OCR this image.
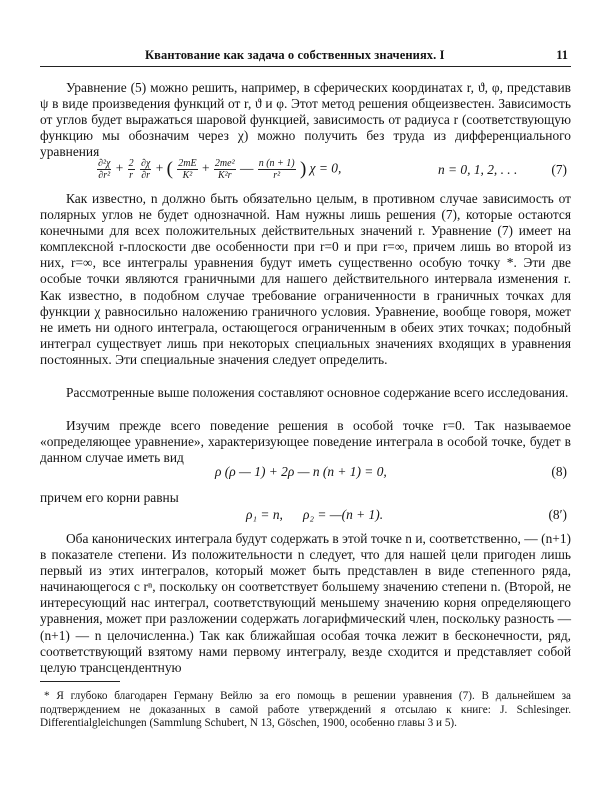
Квантование как задача о собственных значениях. I	11

Уравнение (5) можно решить, например, в сферических координатах r, ϑ, φ, представив ψ в виде произведения функций от r, ϑ и φ. Этот метод решения общеизвестен. Зависимость от углов будет выражаться шаровой функцией, зависимость от радиуса r (соответствующую функцию мы обозначим через χ) можно получить без труда из дифференциального уравнения

$\frac{\text{∂²χ}}{\text{∂r²}} + \frac{2}{r}$
$\frac{\partial\chi}{\partial r}$ + ( $\frac{2mE}{\text{K²}} + \frac{\text{2me²}}{\text{K²r}}$ — $\frac{n (n + 1)}{\text{r²}}$ ) χ = 0,	n = 0, 1, 2, . . .	(7)

Как известно, n должно быть обязательно целым, в противном случае зависимость от полярных углов не будет однозначной. Нам нужны лишь решения (7), которые остаются конечными для всех положительных действительных значений r. Уравнение (7) имеет на комплексной r-плоскости две особенности при r=0 и при r=∞, причем лишь во второй из них, r=∞, все интегралы уравнения будут иметь существенно особую точку *. Эти две особые точки являются граничными для нашего действительного интервала изменения r. Как известно, в подобном случае требование ограниченности в граничных точках для функции χ равносильно наложению граничного условия. Уравнение, вообще говоря, может не иметь ни одного интеграла, остающегося ограниченным в обеих этих точках; подобный интеграл существует лишь при некоторых специальных значениях входящих в уравнения постоянных. Эти специальные значения следует определить.

Рассмотренные выше положения составляют основное содержание всего исследования.

Изучим прежде всего поведение решения в особой точке r=0. Так называемое «определяющее уравнение», характеризующее поведение интеграла в особой точке, будет в данном случае иметь вид

ρ (ρ — 1) + 2ρ — n (n + 1) = 0,	(8)

причем его корни равны

ρ₁ = n,      ρ₂ = —(n + 1).	(8′)

Оба канонических интеграла будут содержать в этой точке n и, соответственно, — (n+1) в показателе степени. Из положительности n следует, что для нашей цели пригоден лишь первый из этих интегралов, который может быть представлен в виде степенного ряда, начинающегося с rⁿ, поскольку он соответствует большему значению степени n. (Второй, не интересующий нас интеграл, соответствующий меньшему значению корня определяющего уравнения, может при разложении содержать логарифмический член, поскольку разность — (n+1) — n целочисленна.) Так как ближайшая особая точка лежит в бесконечности, ряд, соответствующий взятому нами первому интегралу, везде сходится и представляет собой целую трансцендентную

* Я глубоко благодарен Герману Вейлю за его помощь в решении уравнения (7). В дальнейшем за подтверждением не доказанных в самой работе утверждений я отсылаю к книге: J. Schlesinger. Differentialgleichungen (Sammlung Schubert, N 13, Göschen, 1900, особенно главы 3 и 5).
